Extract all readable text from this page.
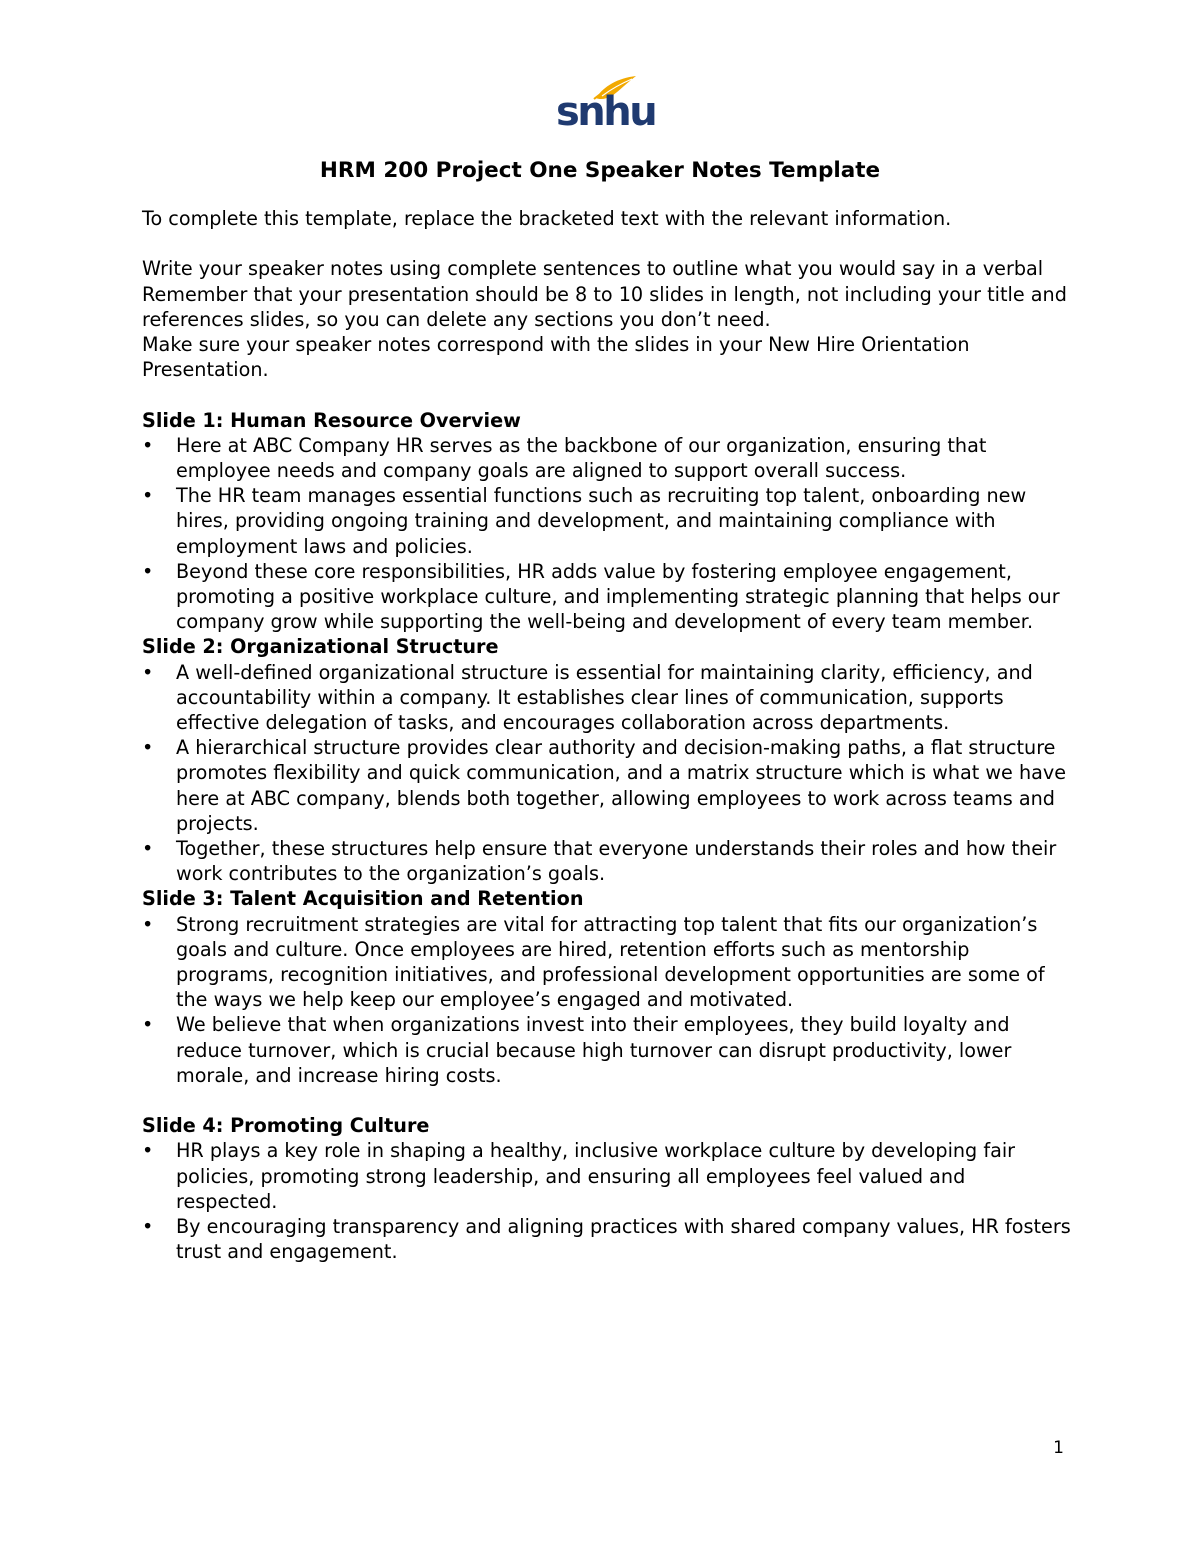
snhu
HRM 200 Project One Speaker Notes Template

To complete this template, replace the bracketed text with the relevant information.

Write your speaker notes using complete sentences to outline what you would say in a verbal

Remember that your presentation should be 8 to 10 slides in length, not including your title and references slides, so you can delete any sections you don’t need.

Make sure your speaker notes correspond with the slides in your New Hire Orientation Presentation.

Slide 1: Human Resource Overview

•	Here at ABC Company HR serves as the backbone of our organization, ensuring that employee needs and company goals are aligned to support overall success.
•	The HR team manages essential functions such as recruiting top talent, onboarding new hires, providing ongoing training and development, and maintaining compliance with employment laws and policies.
•	Beyond these core responsibilities, HR adds value by fostering employee engagement, promoting a positive workplace culture, and implementing strategic planning that helps our company grow while supporting the well-being and development of every team member.

Slide 2: Organizational Structure

•	A well-defined organizational structure is essential for maintaining clarity, efficiency, and accountability within a company. It establishes clear lines of communication, supports effective delegation of tasks, and encourages collaboration across departments.
•	A hierarchical structure provides clear authority and decision-making paths, a flat structure promotes flexibility and quick communication, and a matrix structure which is what we have here at ABC company, blends both together, allowing employees to work across teams and projects.
•	Together, these structures help ensure that everyone understands their roles and how their work contributes to the organization’s goals.

Slide 3: Talent Acquisition and Retention

•	Strong recruitment strategies are vital for attracting top talent that fits our organization’s goals and culture. Once employees are hired, retention efforts such as mentorship programs, recognition initiatives, and professional development opportunities are some of the ways we help keep our employee’s engaged and motivated.
•	We believe that when organizations invest into their employees, they build loyalty and reduce turnover, which is crucial because high turnover can disrupt productivity, lower morale, and increase hiring costs.

Slide 4: Promoting Culture

•	HR plays a key role in shaping a healthy, inclusive workplace culture by developing fair policies, promoting strong leadership, and ensuring all employees feel valued and respected.
•	By encouraging transparency and aligning practices with shared company values, HR fosters trust and engagement.
1
